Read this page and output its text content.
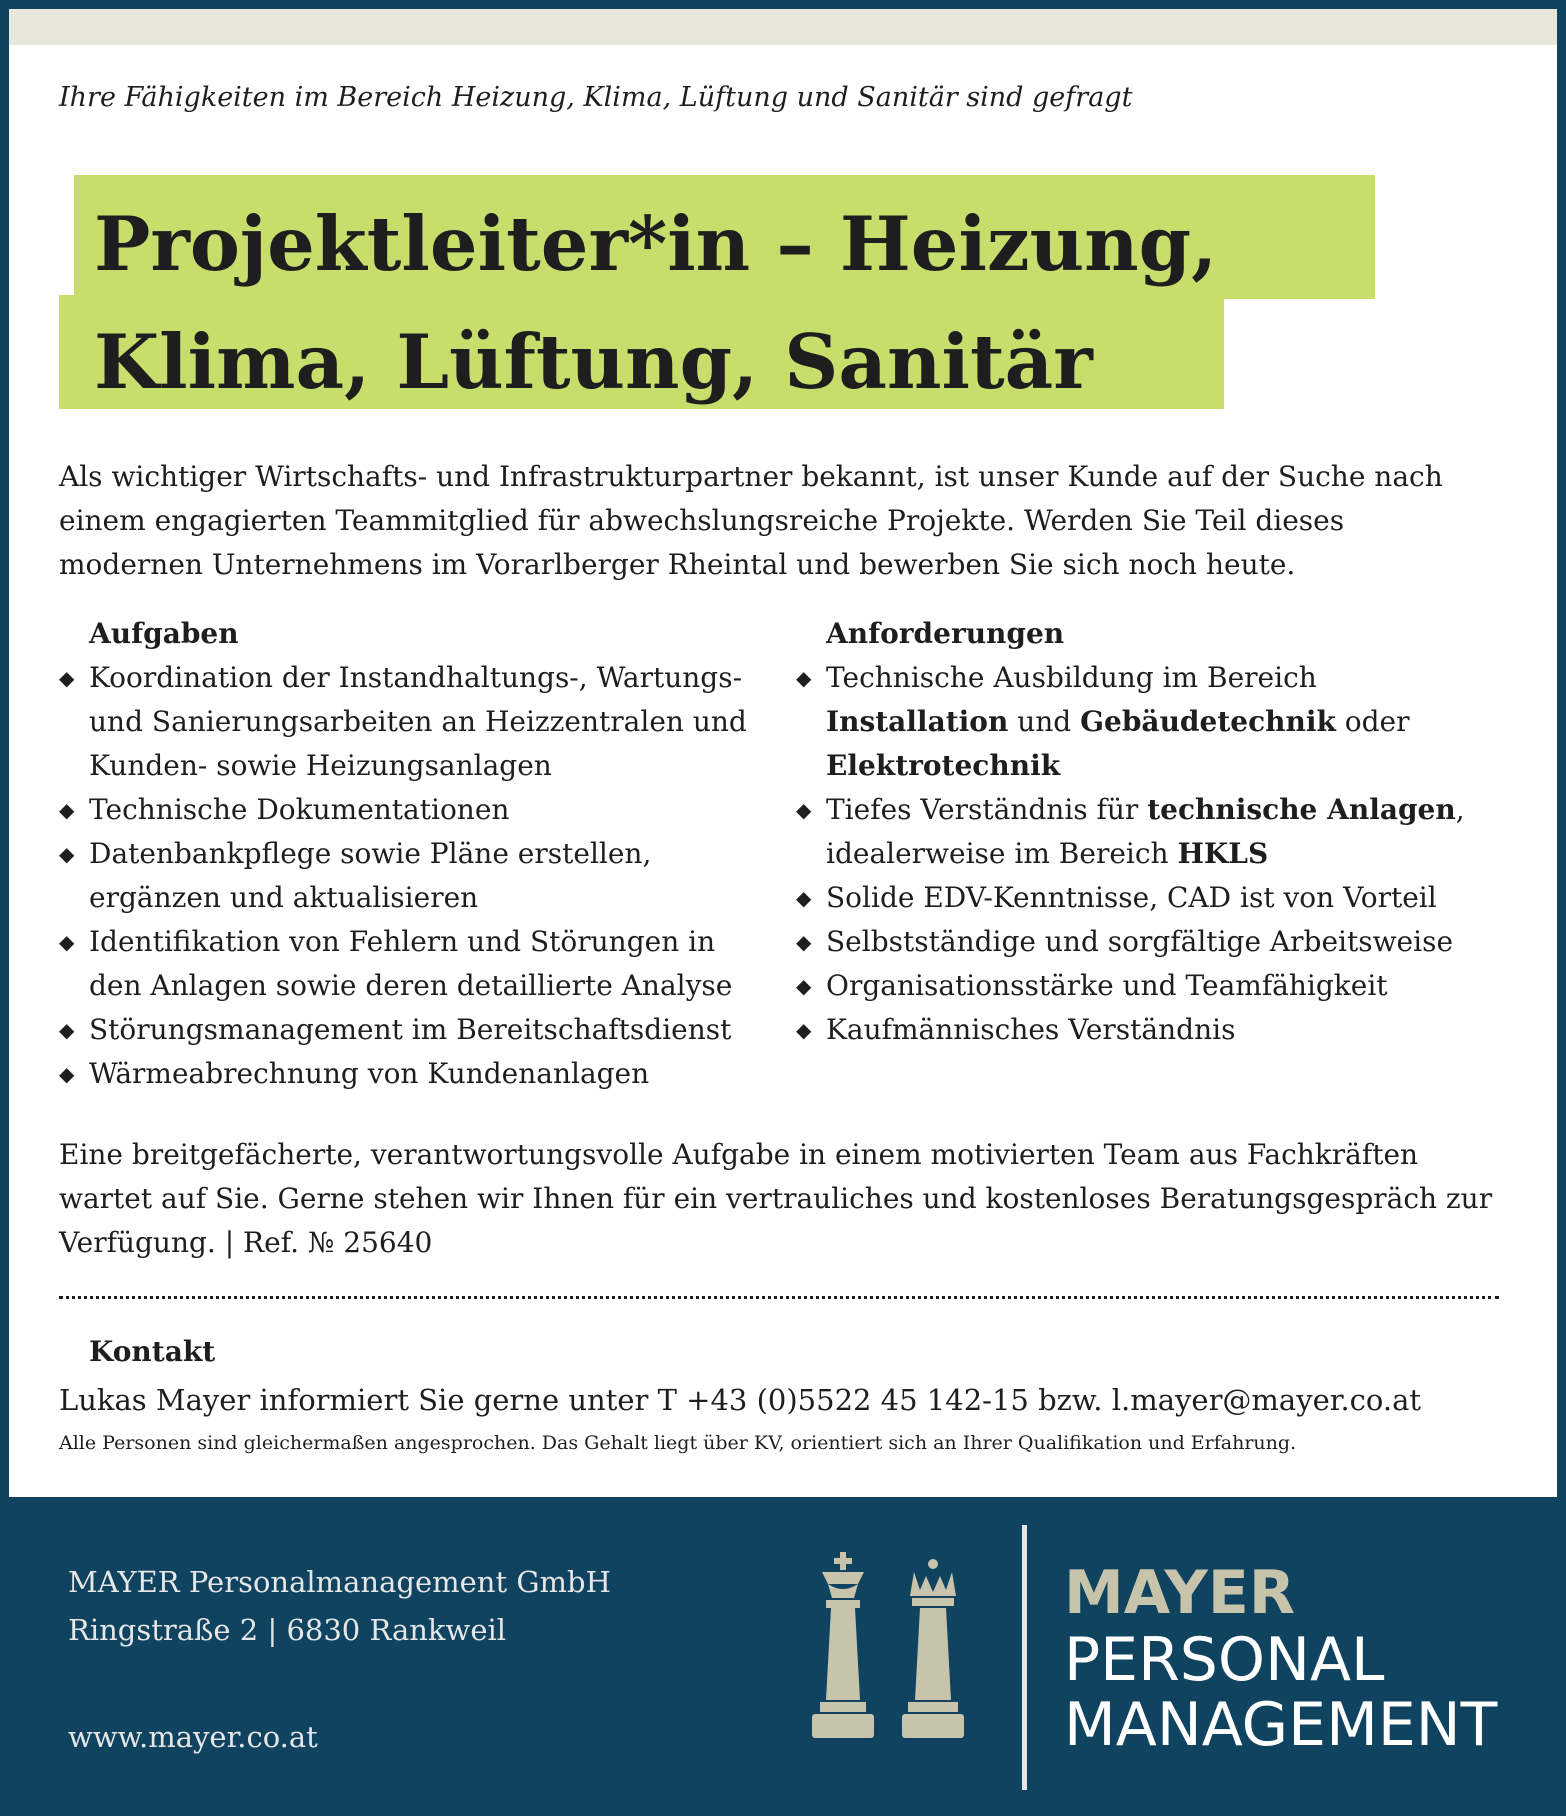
Ihre Fähigkeiten im Bereich Heizung, Klima, Lüftung und Sanitär sind gefragt
Projektleiter*in – Heizung,
Klima, Lüftung, Sanitär

Als wichtiger Wirtschafts- und Infrastrukturpartner bekannt, ist unser Kunde auf der Suche nach einem engagierten Teammitglied für abwechslungsreiche Projekte. Werden Sie Teil dieses modernen Unternehmens im Vorarlberger Rheintal und bewerben Sie sich noch heute.

Aufgaben
◆ Koordination der Instandhaltungs-, Wartungs- und Sanierungsarbeiten an Heizzentralen und Kunden- sowie Heizungsanlagen
◆ Technische Dokumentationen
◆ Datenbankpflege sowie Pläne erstellen, ergänzen und aktualisieren
◆ Identifikation von Fehlern und Störungen in den Anlagen sowie deren detaillierte Analyse
◆ Störungsmanagement im Bereitschaftsdienst
◆ Wärmeabrechnung von Kundenanlagen
Anforderungen
◆ Technische Ausbildung im Bereich Installation und Gebäudetechnik oder Elektrotechnik
◆ Tiefes Verständnis für technische Anlagen, idealerweise im Bereich HKLS
◆ Solide EDV-Kenntnisse, CAD ist von Vorteil
◆ Selbstständige und sorgfältige Arbeitsweise
◆ Organisationsstärke und Teamfähigkeit
◆ Kaufmännisches Verständnis

Eine breitgefächerte, verantwortungsvolle Aufgabe in einem motivierten Team aus Fachkräften wartet auf Sie. Gerne stehen wir Ihnen für ein vertrauliches und kostenloses Beratungsgespräch zur Verfügung. | Ref. № 25640

Kontakt
Lukas Mayer informiert Sie gerne unter T +43 (0)5522 45 142-15 bzw. l.mayer@mayer.co.at
Alle Personen sind gleichermaßen angesprochen. Das Gehalt liegt über KV, orientiert sich an Ihrer Qualifikation und Erfahrung.
MAYER Personalmanagement GmbH
Ringstraße 2 | 6830 Rankweil
www.mayer.co.at
MAYER
PERSONAL
MANAGEMENT
